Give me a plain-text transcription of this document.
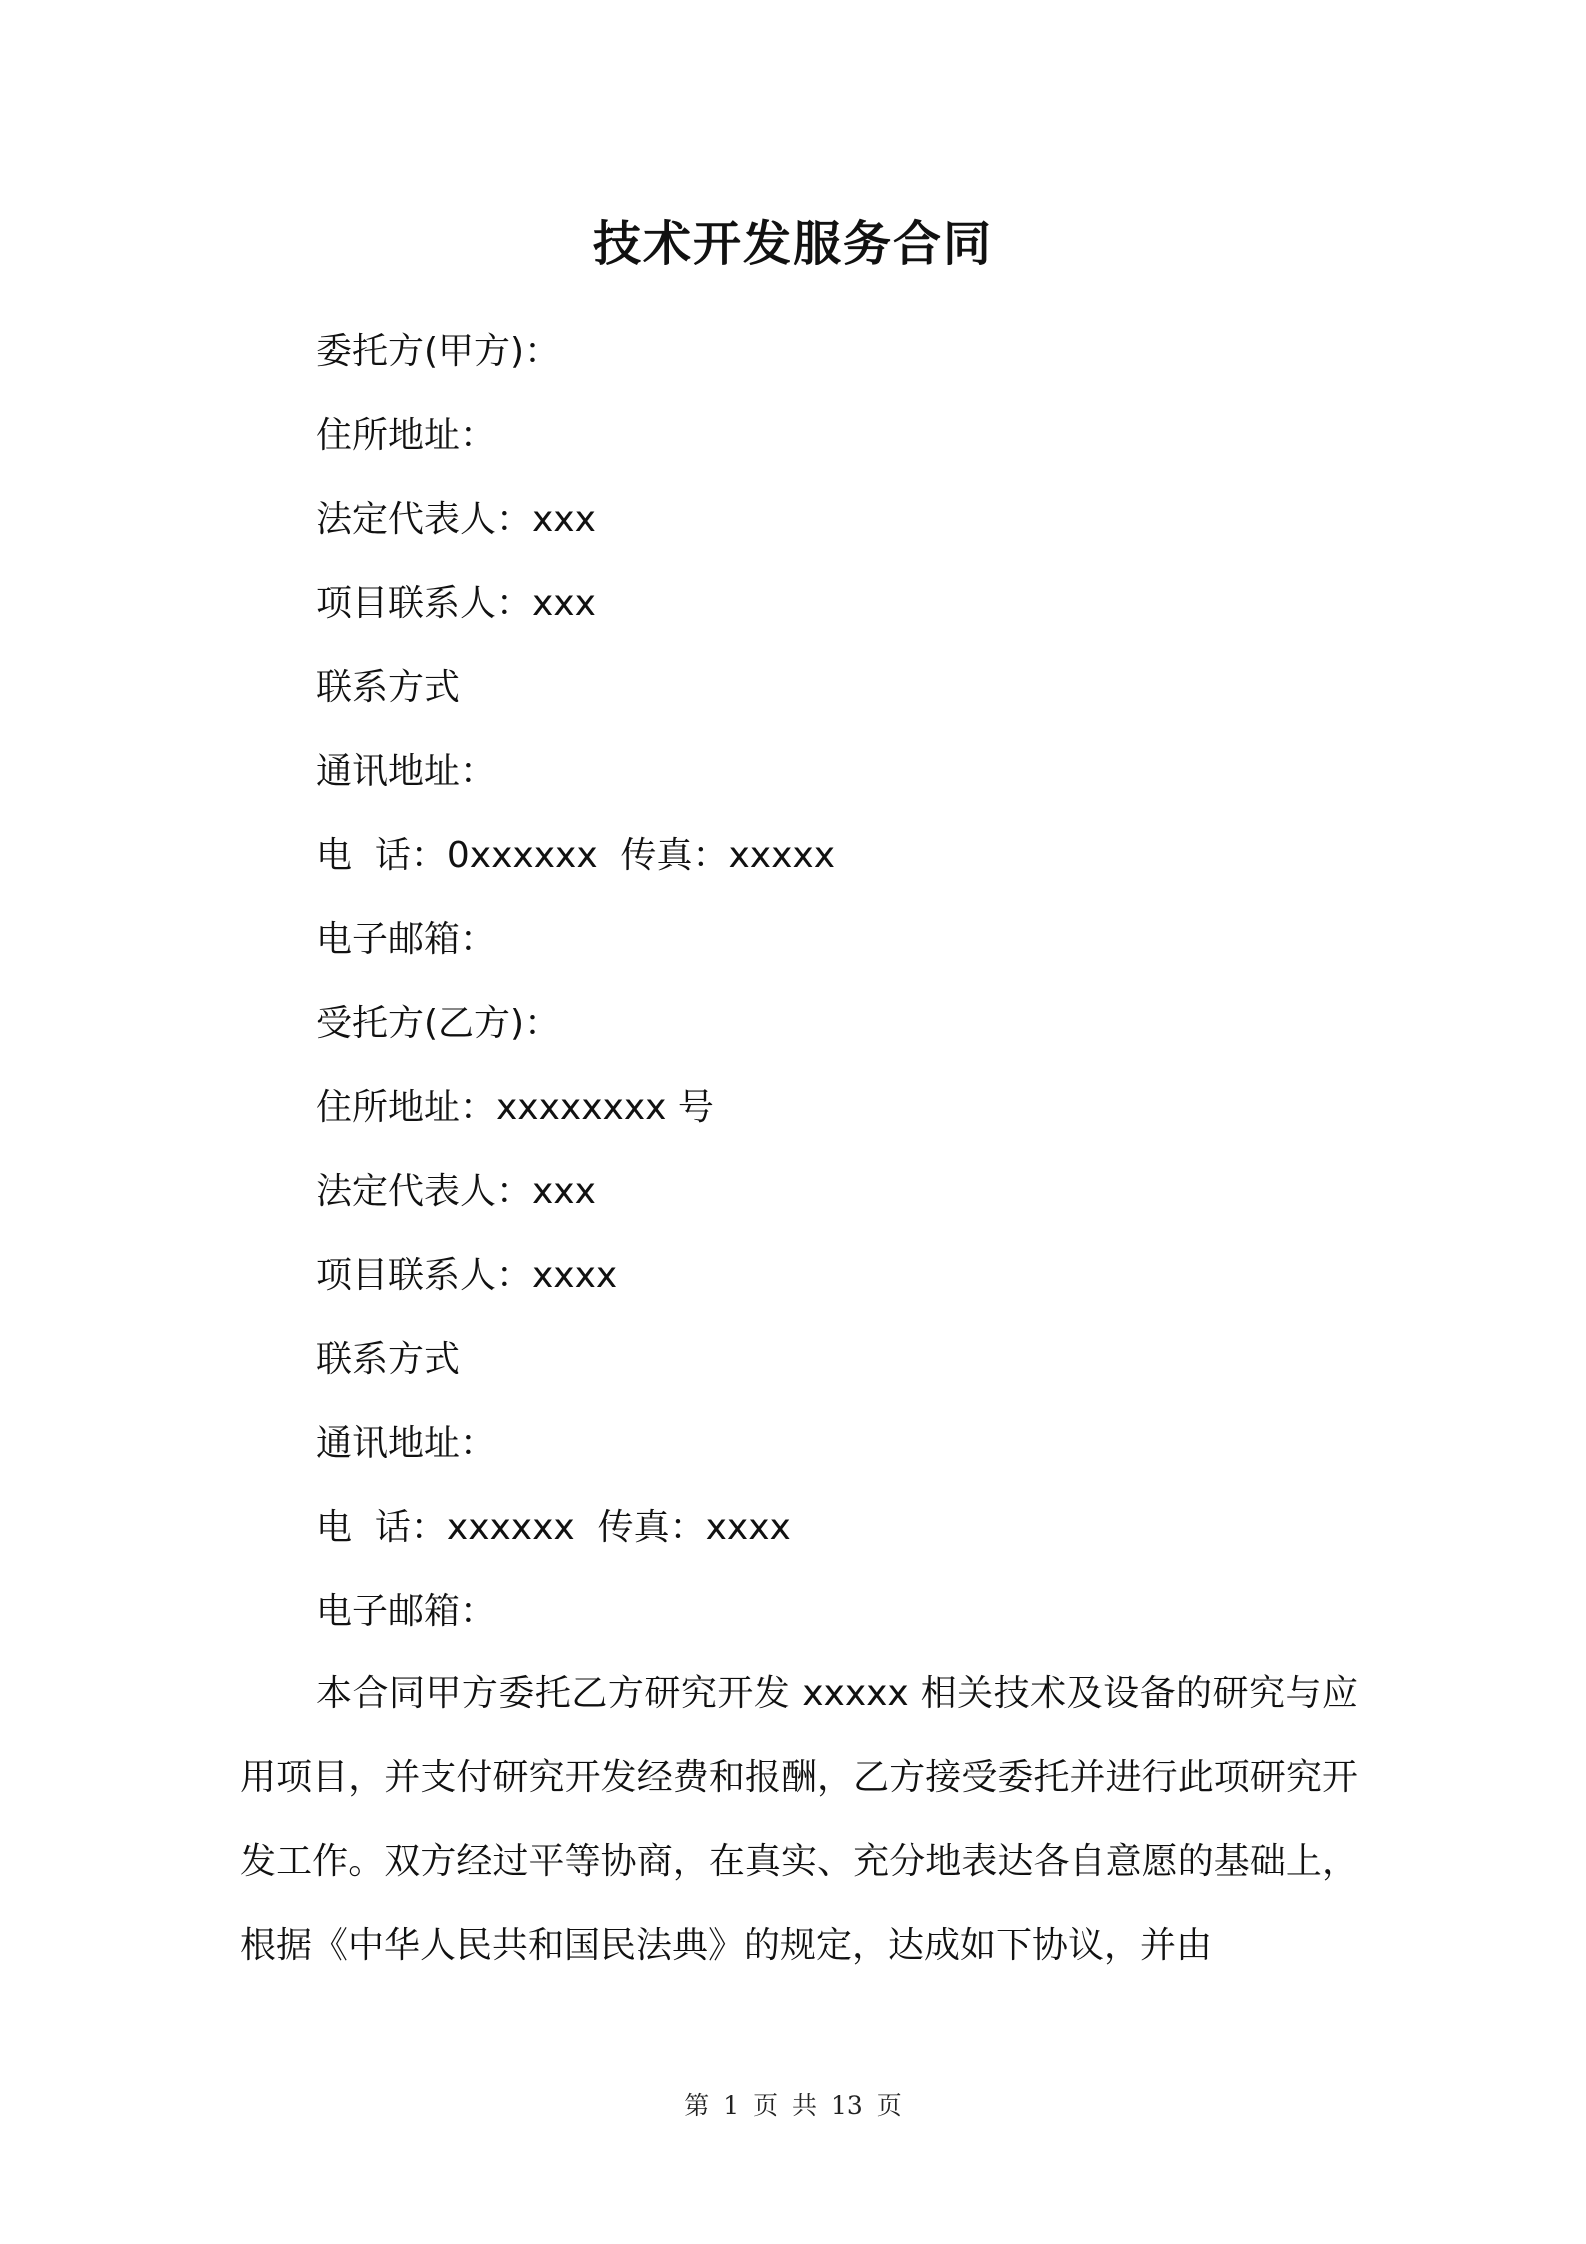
技术开发服务合同
委托方(甲方)：
住所地址：
法定代表人：xxx
项目联系人：xxx
联系方式
通讯地址：
电  话：0xxxxxx  传真：xxxxx
电子邮箱：
受托方(乙方)：
住所地址：xxxxxxxx 号
法定代表人：xxx
项目联系人：xxxx
联系方式
通讯地址：
电  话：xxxxxx  传真：xxxx
电子邮箱：
本合同甲方委托乙方研究开发 xxxxx 相关技术及设备的研究与应用项目，并支付研究开发经费和报酬，乙方接受委托并进行此项研究开发工作。双方经过平等协商，在真实、充分地表达各自意愿的基础上，根据《中华人民共和国民法典》的规定，达成如下协议，并由
第 1 页 共 13 页
